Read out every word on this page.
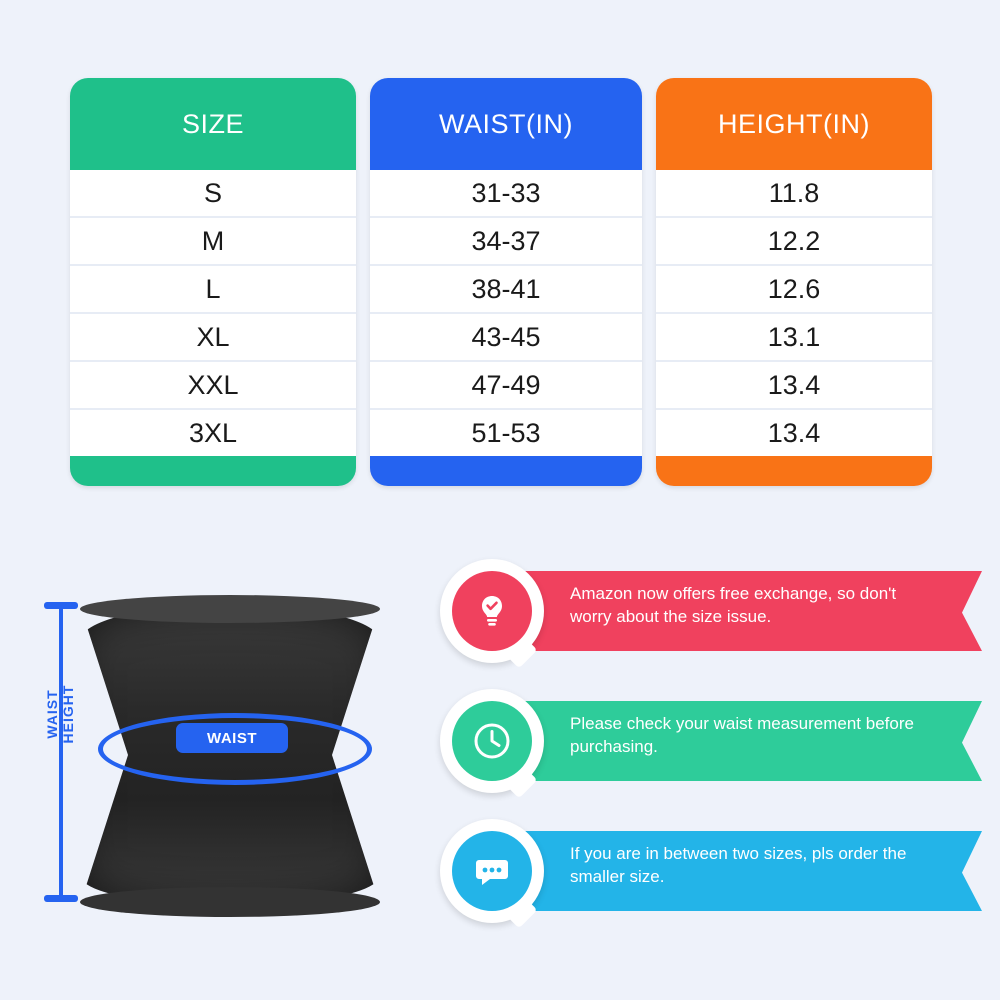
SIZE
S
M
L
XL
XXL
3XL
WAIST(IN)
31-33
34-37
38-41
43-45
47-49
51-53
HEIGHT(IN)
11.8
12.2
12.6
13.1
13.4
13.4
WAIST HEIGHT	WAIST
Amazon now offers free exchange, so don't worry about the size issue.
Please check your waist measurement before purchasing.
If you are in between two sizes, pls order the smaller size.
